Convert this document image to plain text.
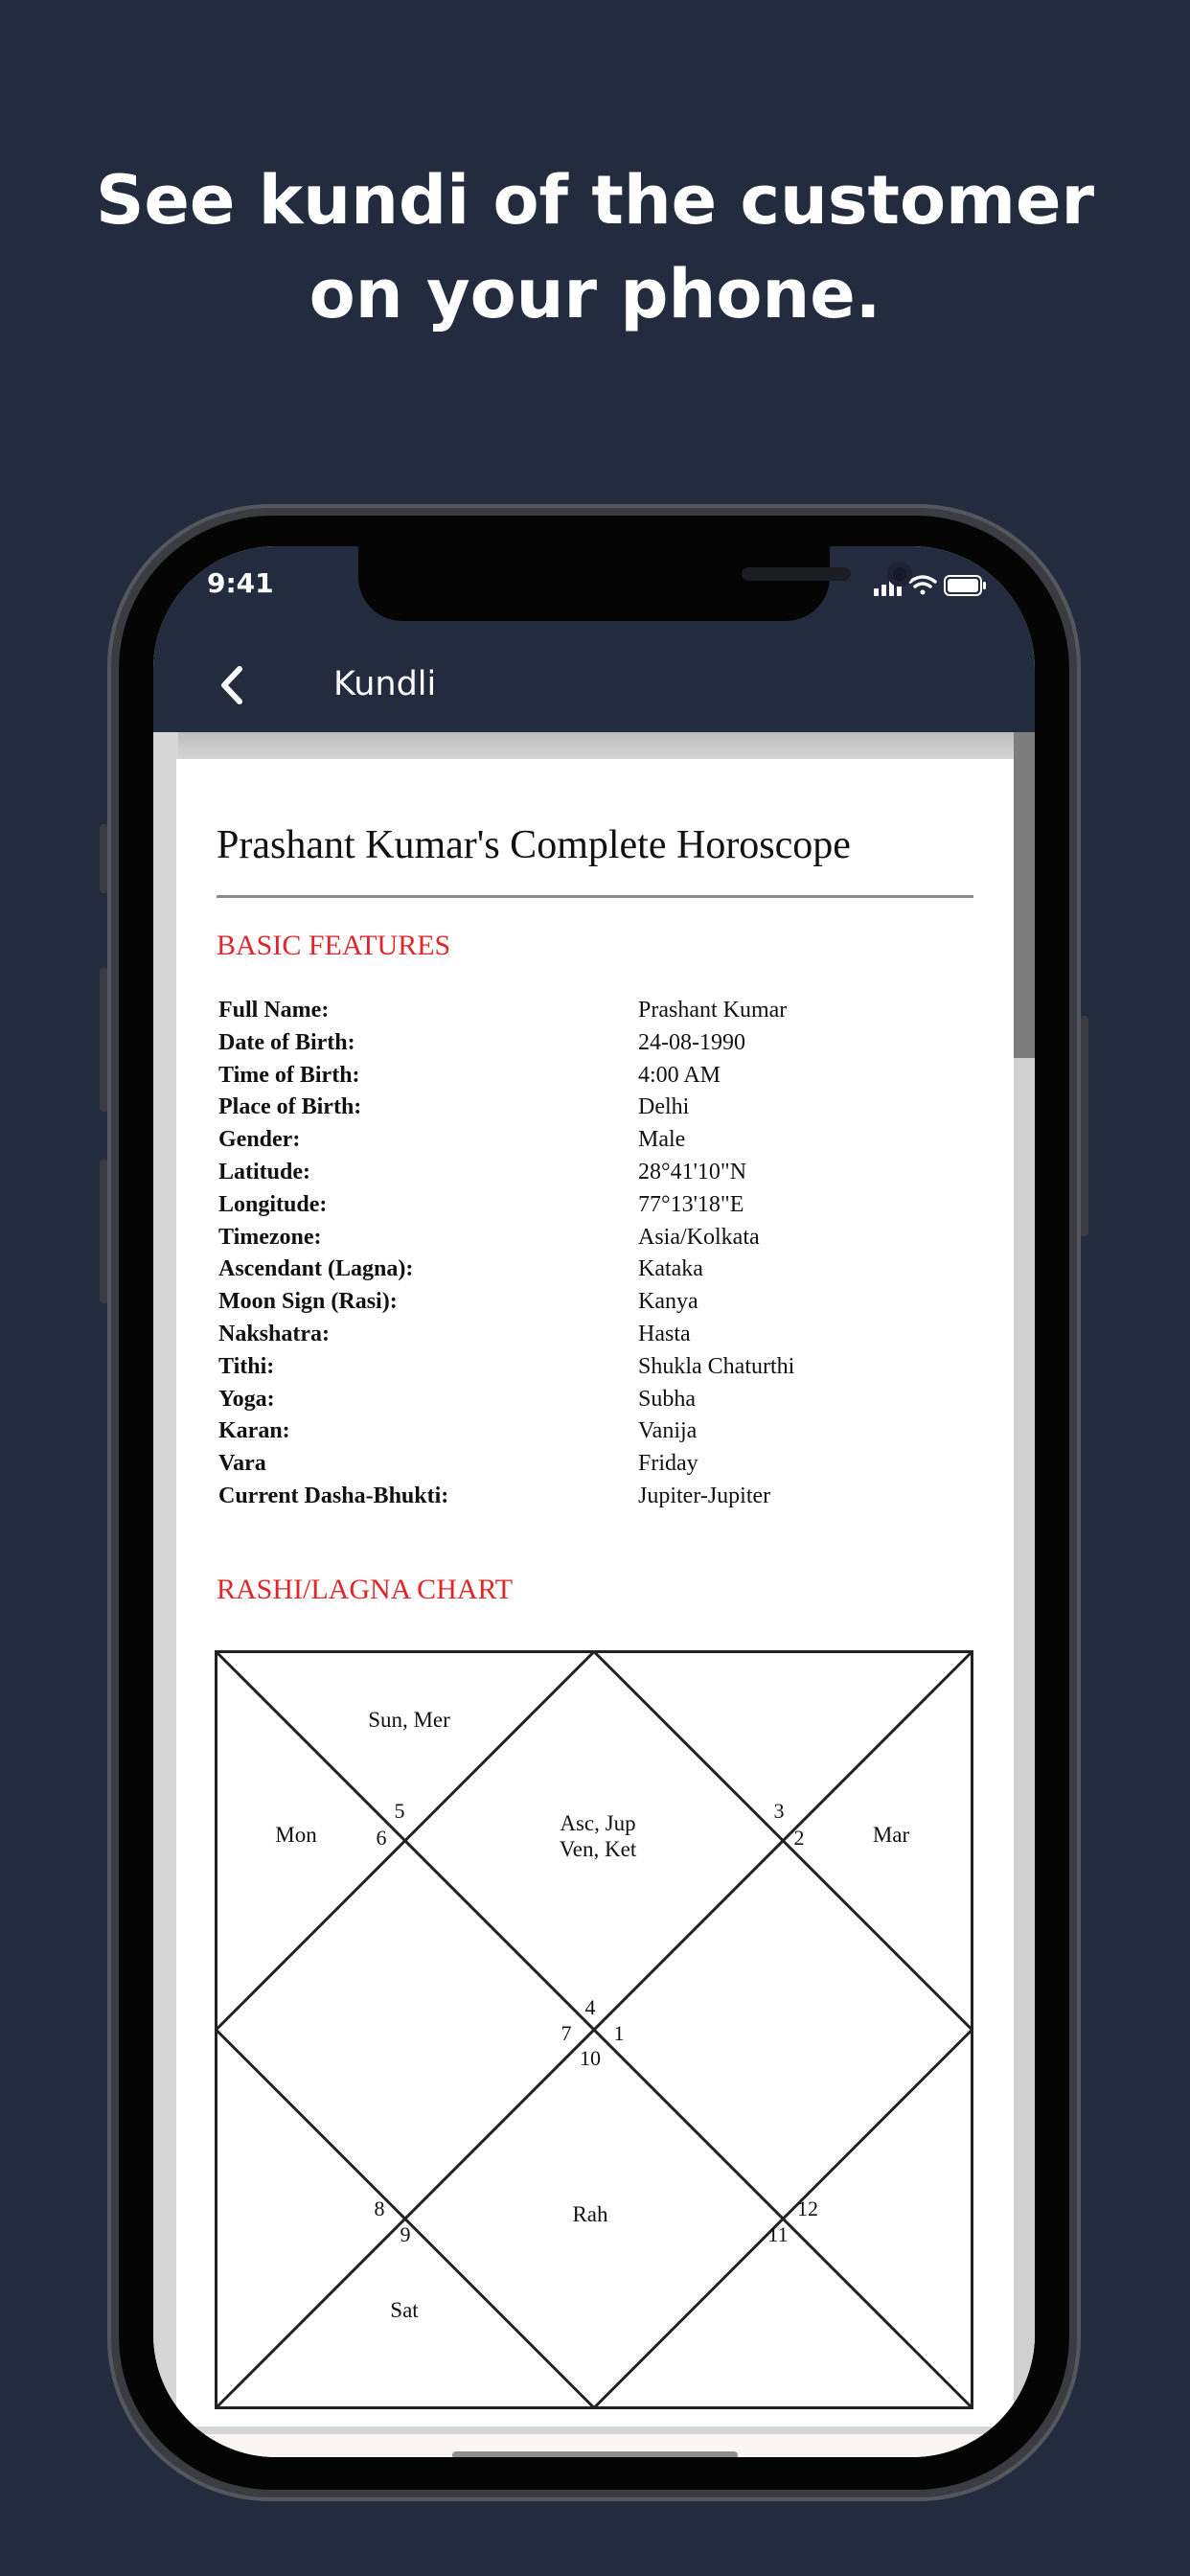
See kundi of the customer
on your phone.
9:41
Kundli
Prashant Kumar's Complete Horoscope
BASIC FEATURES
Full Name:	Prashant Kumar
Date of Birth:	24-08-1990
Time of Birth:	4:00 AM
Place of Birth:	Delhi
Gender:	Male
Latitude:	28°41'10"N
Longitude:	77°13'18"E
Timezone:	Asia/Kolkata
Ascendant (Lagna):	Kataka
Moon Sign (Rasi):	Kanya
Nakshatra:	Hasta
Tithi:	Shukla Chaturthi
Yoga:	Subha
Karan:	Vanija
Vara	Friday
Current Dasha-Bhukti:	Jupiter-Jupiter
RASHI/LAGNA CHART
Sun, Mer
Mon	Mar
Asc, Jup
Ven, Ket
Rah
Sat
5
6
3
2
4
7 1
10
8
9
12
11
